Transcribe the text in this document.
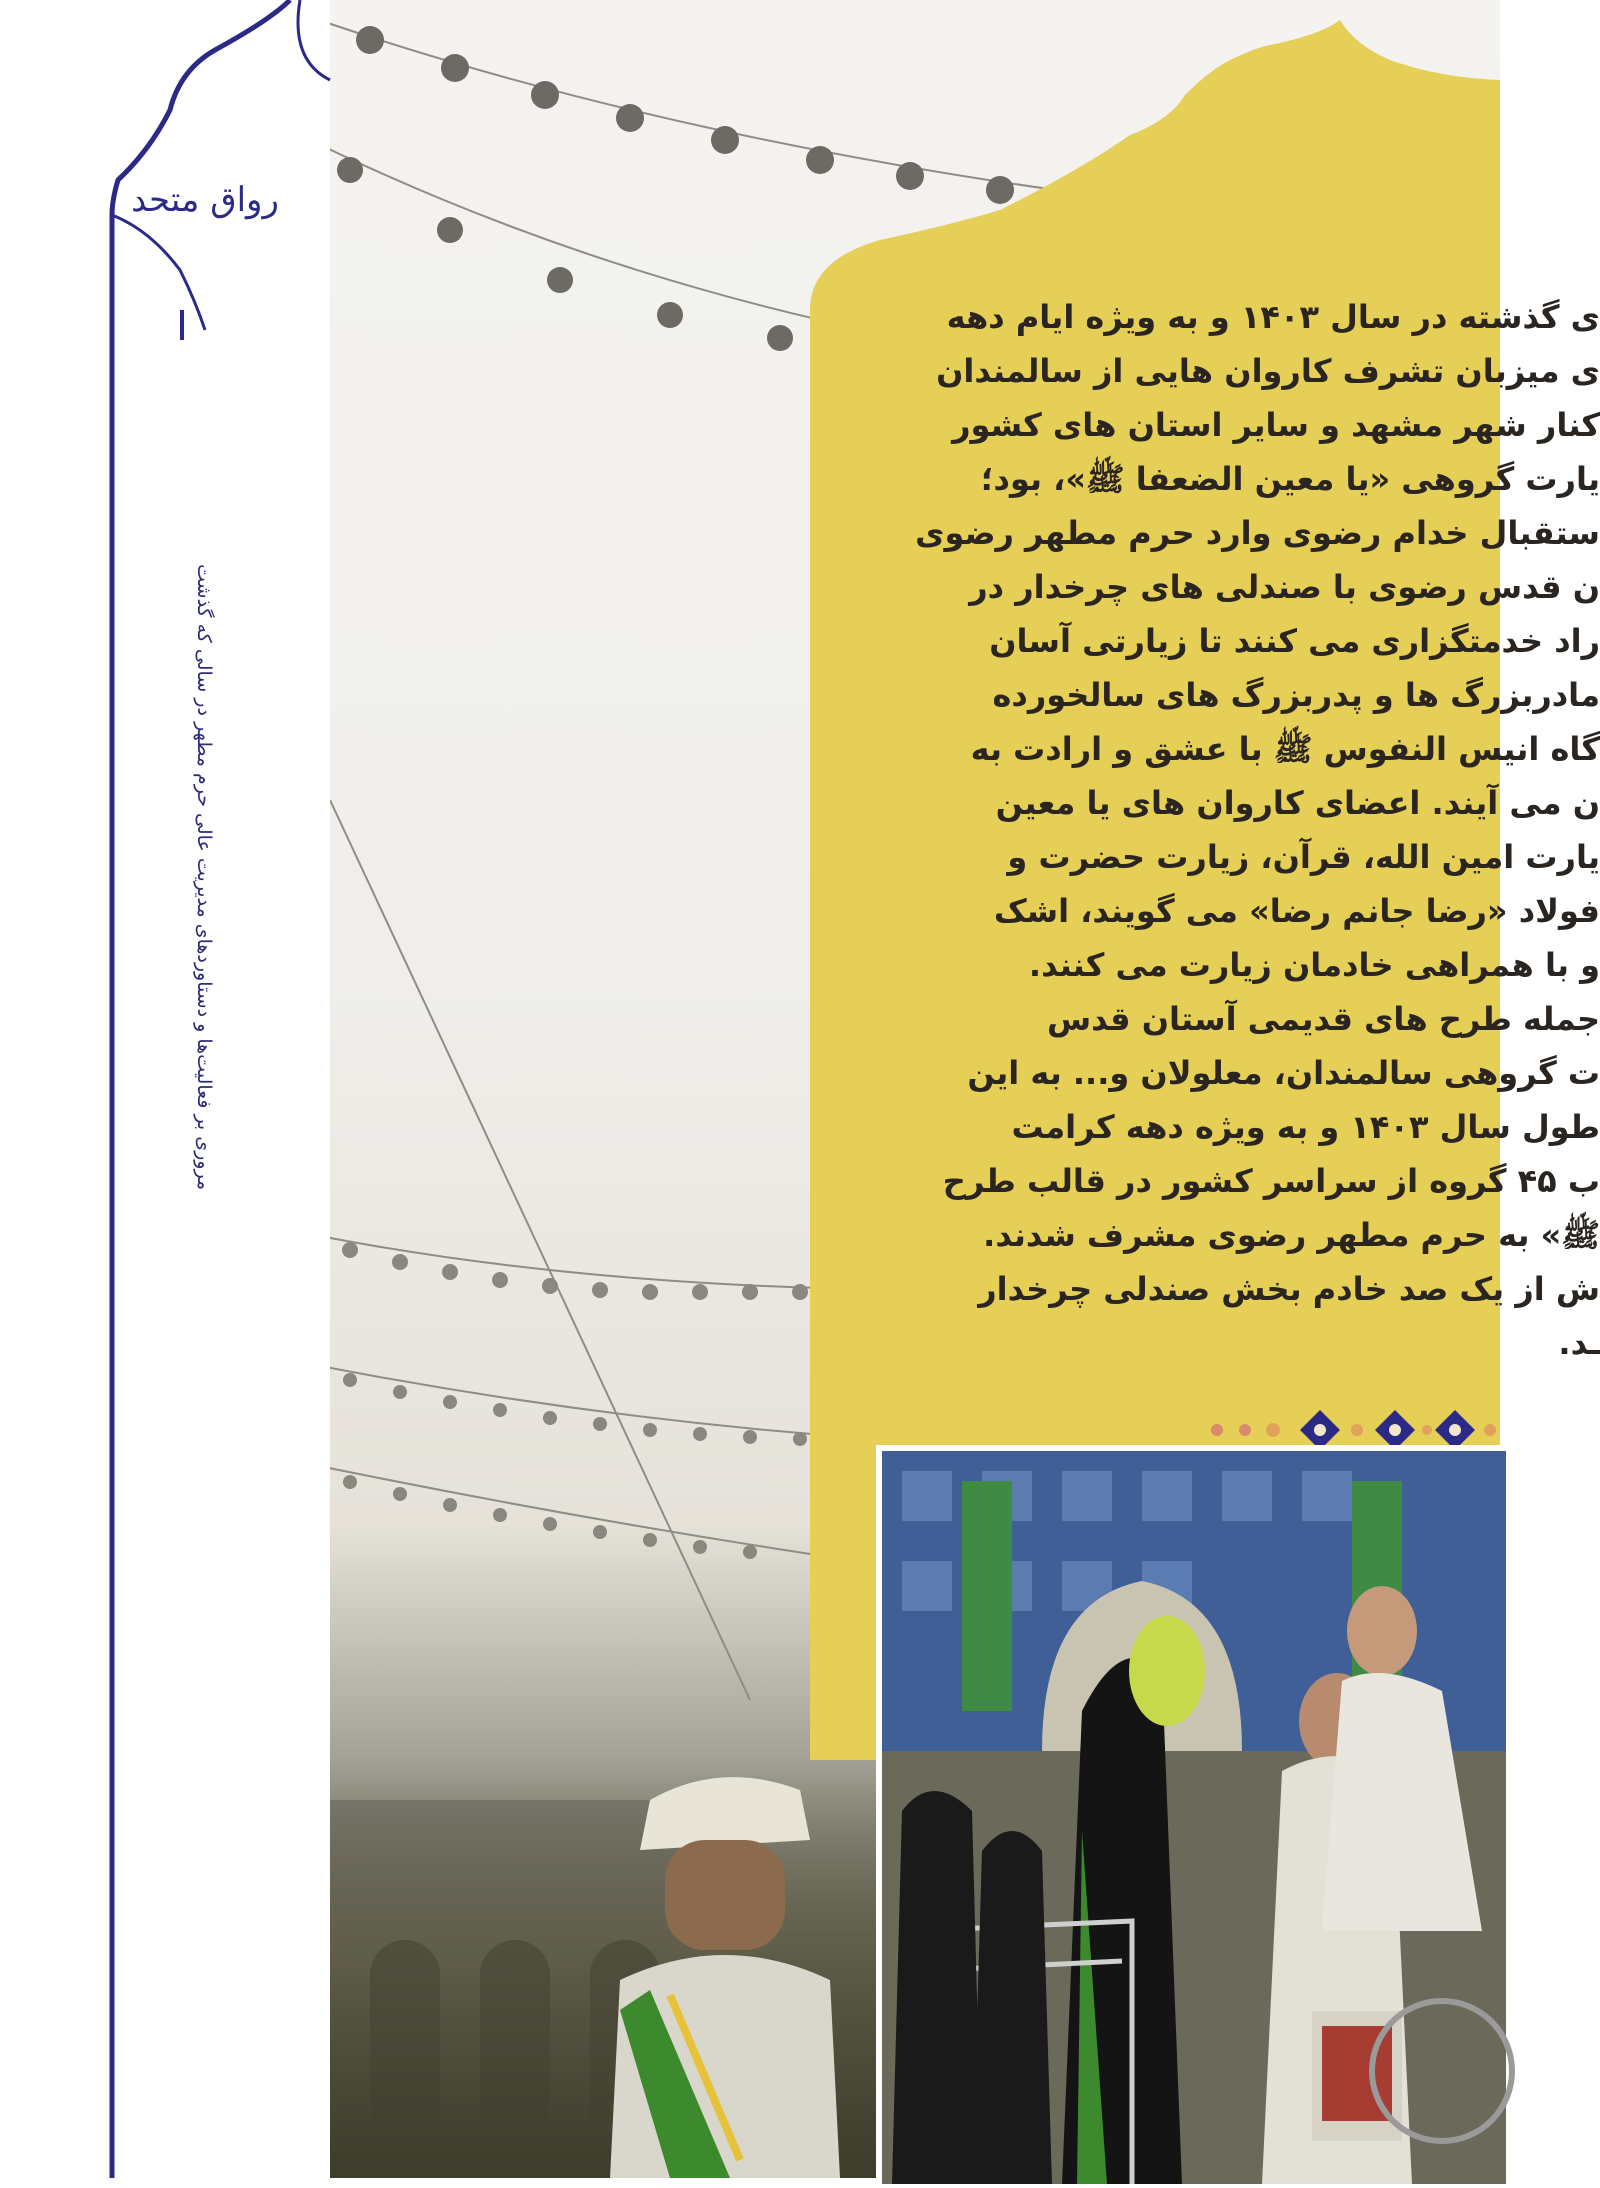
رواق متحد
مروری بر فعالیت‌ها و دستاوردهای مدیریت عالی حرم مطهر در سالی که گذشت
ی گذشته در سال ۱۴۰۳ و به ویژه ایام دهه
ی میزبان تشرف کاروان هایی از سالمندان
کنار شهر مشهد و سایر استان های کشور
یارت گروهی «یا معین الضعفا ﷺ»، بود؛
ستقبال خدام رضوی وارد حرم مطهر رضوی
ن قدس رضوی با صندلی های چرخدار در
راد خدمتگزاری می کنند تا زیارتی آسان
مادربزرگ ها و پدربزرگ های سالخورده
گاه انیس النفوس ﷺ با عشق و ارادت به
ن می آیند. اعضای کاروان های یا معین
یارت امین الله، قرآن، زیارت حضرت و
فولاد «رضا جانم رضا» می گویند، اشک
و با همراهی خادمان زیارت می کنند.
جمله طرح های قدیمی آستان قدس
ت گروهی سالمندان، معلولان و... به این
طول سال ۱۴۰۳ و به ویژه دهه کرامت
ب ۴۵ گروه از سراسر کشور در قالب طرح
ﷺ» به حرم مطهر رضوی مشرف شدند.
ش از یک صد خادم بخش صندلی چرخدار
ـد.
